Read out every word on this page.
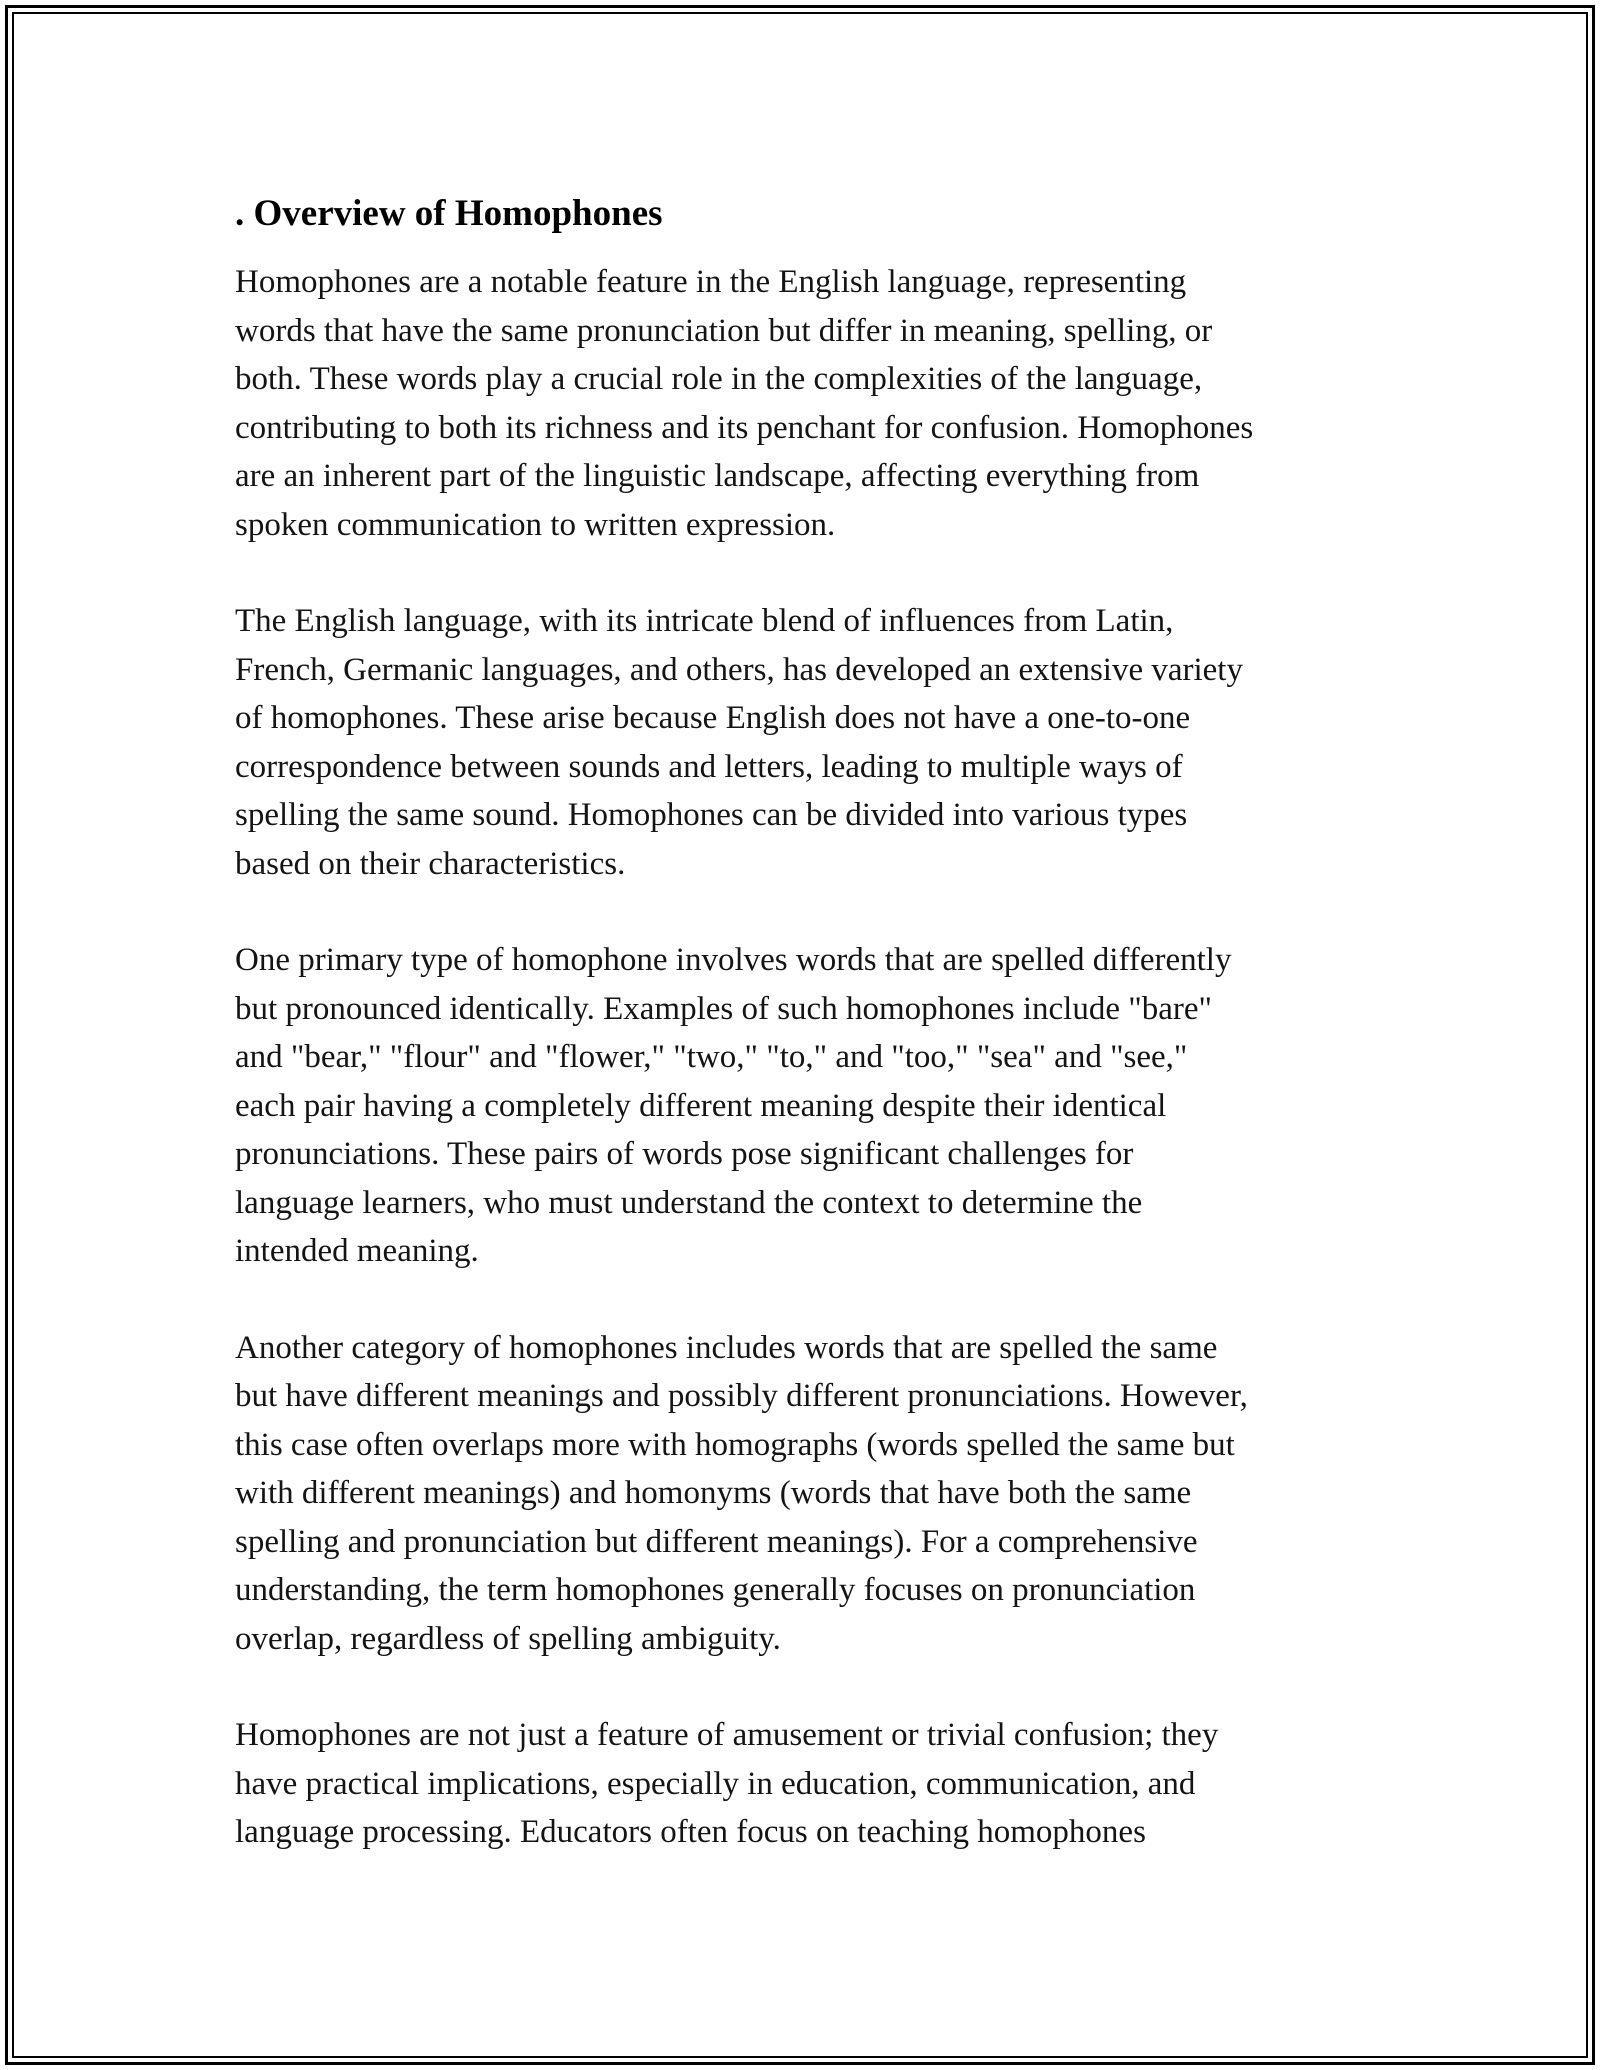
. Overview of Homophones

Homophones are a notable feature in the English language, representing
words that have the same pronunciation but differ in meaning, spelling, or
both. These words play a crucial role in the complexities of the language,
contributing to both its richness and its penchant for confusion. Homophones
are an inherent part of the linguistic landscape, affecting everything from
spoken communication to written expression.

The English language, with its intricate blend of influences from Latin,
French, Germanic languages, and others, has developed an extensive variety
of homophones. These arise because English does not have a one-to-one
correspondence between sounds and letters, leading to multiple ways of
spelling the same sound. Homophones can be divided into various types
based on their characteristics.

One primary type of homophone involves words that are spelled differently
but pronounced identically. Examples of such homophones include "bare"
and "bear," "flour" and "flower," "two," "to," and "too," "sea" and "see,"
each pair having a completely different meaning despite their identical
pronunciations. These pairs of words pose significant challenges for
language learners, who must understand the context to determine the
intended meaning.

Another category of homophones includes words that are spelled the same
but have different meanings and possibly different pronunciations. However,
this case often overlaps more with homographs (words spelled the same but
with different meanings) and homonyms (words that have both the same
spelling and pronunciation but different meanings). For a comprehensive
understanding, the term homophones generally focuses on pronunciation
overlap, regardless of spelling ambiguity.

Homophones are not just a feature of amusement or trivial confusion; they
have practical implications, especially in education, communication, and
language processing. Educators often focus on teaching homophones
